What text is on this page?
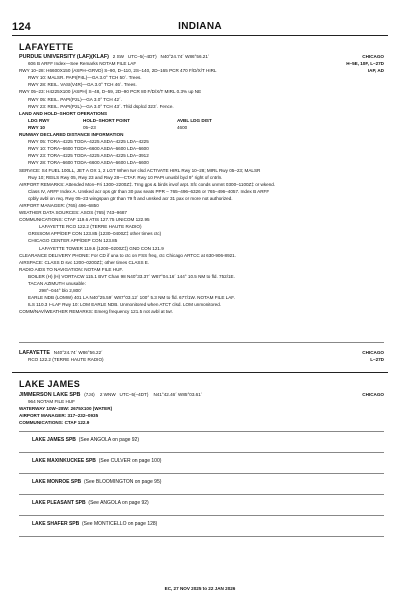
124	INDIANA
LAFAYETTE
PURDUE UNIVERSITY (LAF)(KLAF) 2 SW UTC–5(–4DT) N40°24.74´ W86°56.21´	CHICAGO
606 B ARFF Index—See Remarks NOTAM FILE LAF	H–5E, 10F, L–27D
RWY 10–28: H6600X150 (ASPH–GRVD) S–90, D–110, 2S–140, 2D–165 PCR 470 F/D/X/T HIRL	IAP, AD
RWY 10: MALSR. PAPI(P4L)—GA 3.0° TCH 50´. Trees.
RWY 28: REIL. VASI(V4R)—GA 3.0° TCH 46´. Trees.
RWY 05–23: H4225X100 (ASPH) S–48, D–59, 2D–90 PCR 80 F/D/X/T MIRL 0.3% up NE
RWY 05: REIL. PAPI(P2L)—GA 3.0° TCH 42´.
RWY 23: REIL. PAPI(P2L)—GA 3.0° TCH 43´. Thld dsplcd 323´. Fence.
LAND AND HOLD–SHORT OPERATIONS
LDG RWY	HOLD–SHORT POINT	AVBL LDG DIST
RWY 10	05–23	4600
RUNWAY DECLARED DISTANCE INFORMATION
RWY 05: TORA–4225 TODA–4225 ASDA–4225 LDA–4225
RWY 10: TORA–6600 TODA–6600 ASDA–6600 LDA–6600
RWY 23: TORA–4225 TODA–4225 ASDA–4225 LDA–3912
RWY 28: TORA–6600 TODA–6600 ASDA–6600 LDA–6600
SERVICE: S4 FUEL 100LL, JET A OX 1, 2 LGT When twr clsd ACTIVATE HIRL Rwy 10–28; MIRL Rwy 05–23; MALSR
Rwy 10; REILS Rwy 05, Rwy 23 and Rwy 28—CTAF. Rwy 10 PAPI unusbl byd 9° right of cntrln.
AIRPORT REMARKS: Attended Mon–Fri 1300–2200Z‡. Trng gps & birds invof arpt. Sfc conds unmnt 0300–1100Z‡ or wkend.
Class IV, ARFF Index A. Unsked acr ops gtr than 30 pax seats PPR – 765–496–6326 or 765–496–4057. Index B ARFF
cpbly avbl on req. Rwy 05–23 wingspan gtr than 79 ft and unsked acr 31 pax or more not authorized.
AIRPORT MANAGER: (765) 496–6850
WEATHER DATA SOURCES: ASOS (765) 743–9687
COMMUNICATIONS: CTAF 119.6 ATIS 127.75 UNICOM 122.95
LAFAYETTE RCO 122.2 (TERRE HAUTE RADIO)
GRISSOM APP/DEP CON 123.85 (1230–0400Z‡ other times ctc)
CHICAGO CENTER APP/DEP CON 123.85
LAFAYETTE TOWER 119.6 (1200–0200Z‡) GND CON 121.9
CLEARANCE DELIVERY PHONE: For CD if una to ctc on FSS freq, ctc Chicago ARTCC at 630-906-8921.
AIRSPACE: CLASS D svc 1200–0200Z‡; other times CLASS E.
RADIO AIDS TO NAVIGATION: NOTAM FILE HUF.
BOILER (H) (H) VORTACW 115.1 BVT Chan 98 N40°33.37´ W87°04.16´ 144° 10.5 NM to fld. 752/1E.
TACAN AZIMUTH unusable:
298°–044° blo 2,800´
EARLE NDB (LOMW) 401 LA N40°25.59´ W87°03.12´ 100° 5.3 NM to fld. 677/1W. NOTAM FILE LAF.
ILS 110.3 I–LAF Rwy 10: LOM EARLE NDB. Unmonitored when ATCT clsd. LOM unmonitored.
COMM/NAV/WEATHER REMARKS: Emerg frequency 121.5 not avbl at twr.
LAFAYETTE N40°24.74´ W86°56.22´	CHICAGO
RCO 122.2 (TERRE HAUTE RADIO)	L–27D
LAKE JAMES
JIMMERSON LAKE SPB (7J4) 2 WNW UTC–5(–4DT) N41°42.46´ W85°03.61´	CHICAGO
964 NOTAM FILE HUF
WATERWAY 10W–28W: 2675X100 (WATER)
AIRPORT MANAGER: 317–232–0935
COMMUNICATIONS: CTAF 122.9
LAKE JAMES SPB (See ANGOLA on page 92)
LAKE MAXINKUCKEE SPB (See CULVER on page 100)
LAKE MONROE SPB (See BLOOMINGTON on page 95)
LAKE PLEASANT SPB (See ANGOLA on page 92)
LAKE SHAFER SPB (See MONTICELLO on page 128)
EC, 27 NOV 2025 to 22 JAN 2026
